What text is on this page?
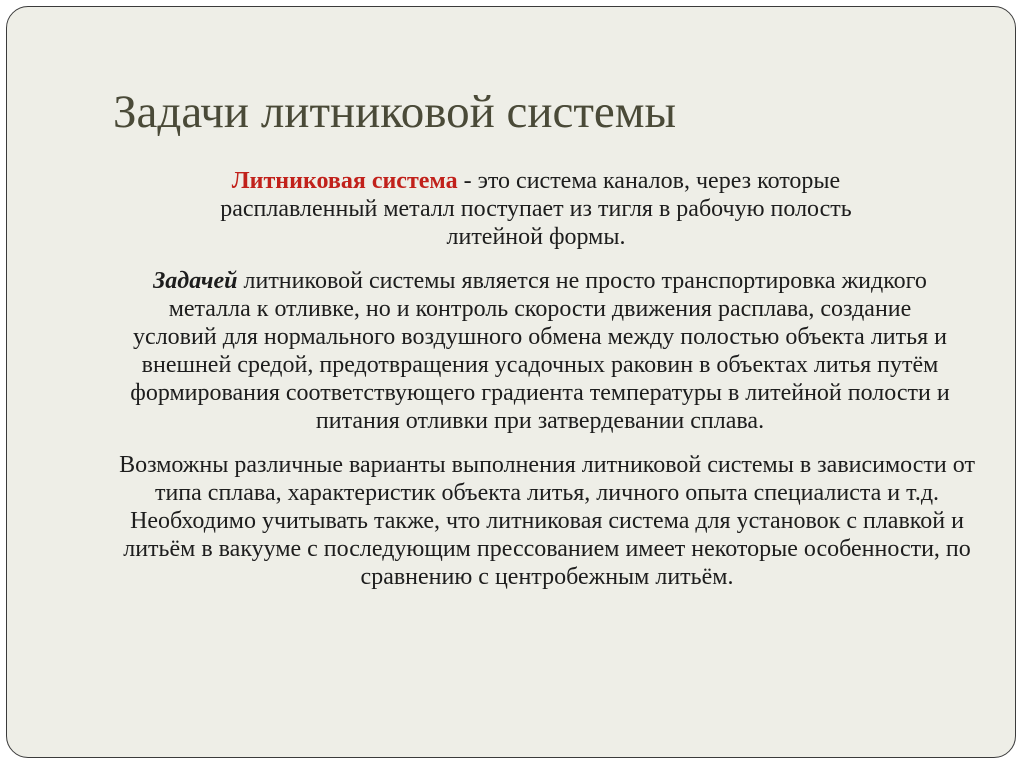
Задачи литниковой системы

Литниковая система - это система каналов, через которые расплавленный металл поступает из тигля в рабочую полость литейной формы.

Задачей литниковой системы является не просто транспортировка жидкого металла к отливке, но и контроль скорости движения расплава, создание условий для нормального воздушного обмена между полостью объекта литья и внешней средой, предотвращения усадочных раковин в объектах литья путём формирования соответствующего градиента температуры в литейной полости и питания отливки при затвердевании сплава.

Возможны различные варианты выполнения литниковой системы в зависимости от типа сплава, характеристик объекта литья, личного опыта специалиста и т.д. Необходимо учитывать также, что литниковая система для установок с плавкой и литьём в вакууме с последующим прессованием имеет некоторые особенности, по сравнению с центробежным литьём.
